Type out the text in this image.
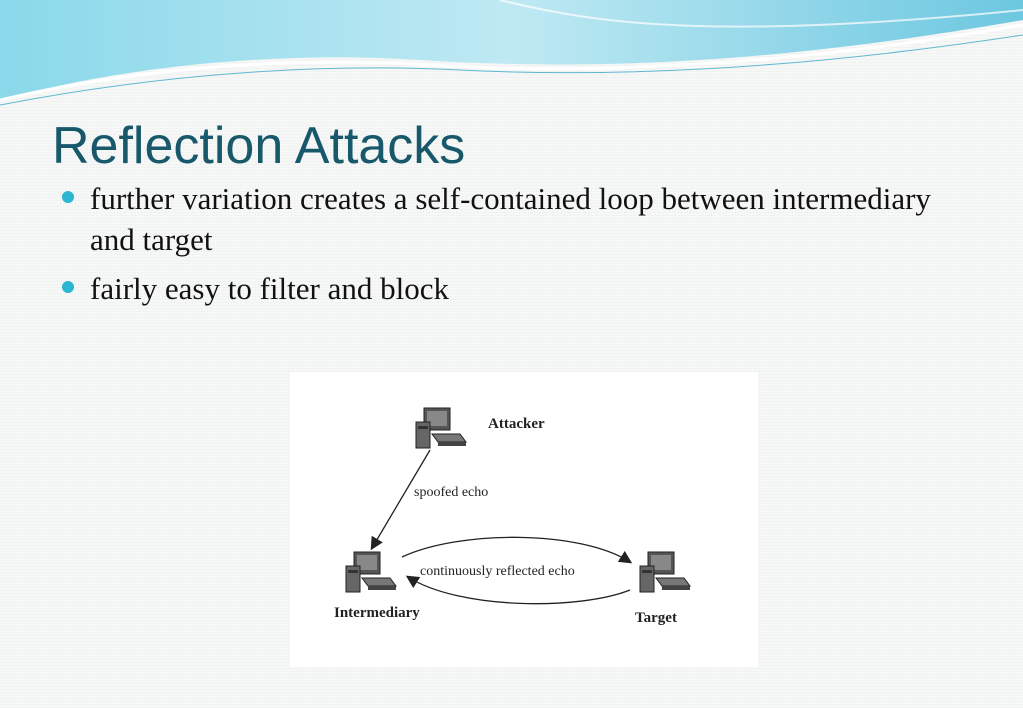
Reflection Attacks
further variation creates a self-contained loop between intermediary and target
fairly easy to filter and block
Attacker
spoofed echo
continuously reflected echo
Intermediary	Target
